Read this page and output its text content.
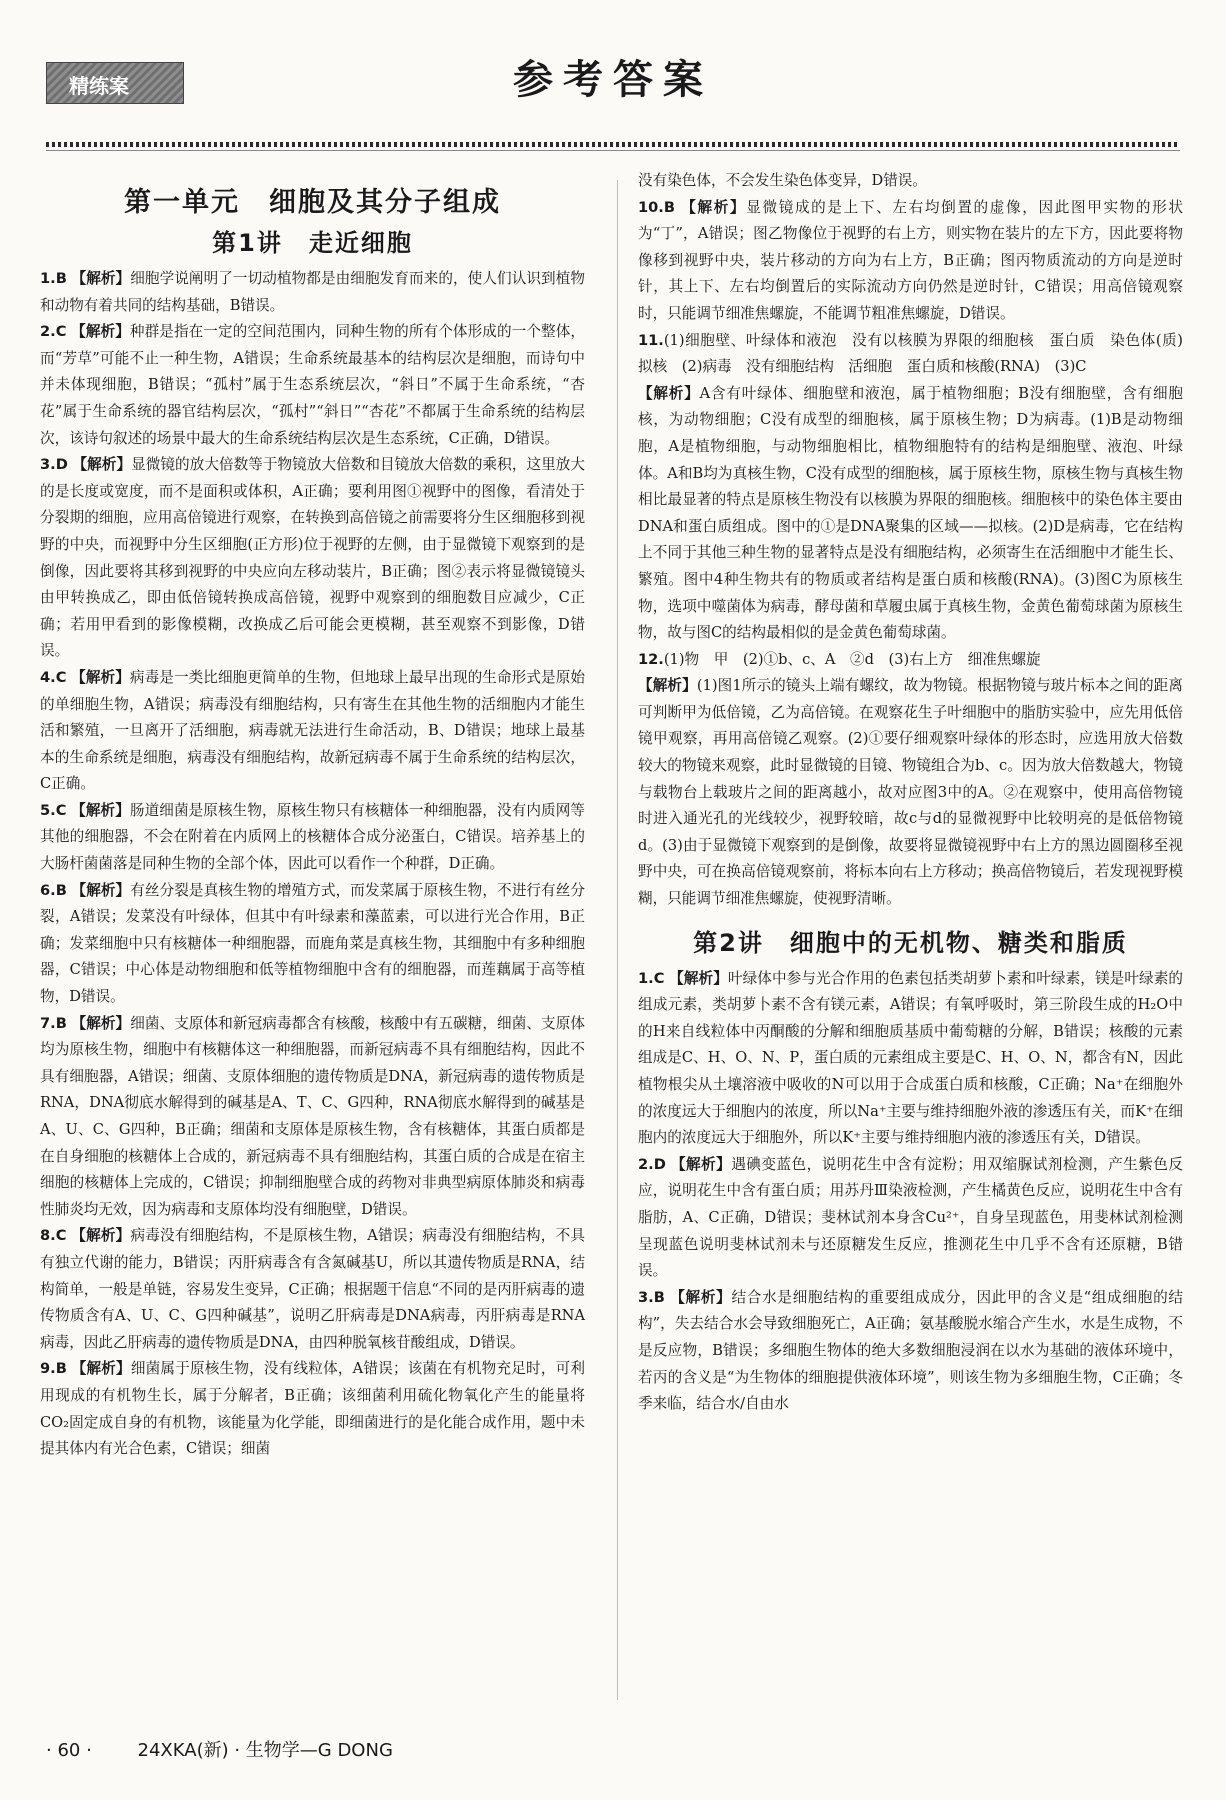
精练案	参考答案
第一单元　细胞及其分子组成
第1讲　走近细胞

1.B 【解析】细胞学说阐明了一切动植物都是由细胞发育而来的，使人们认识到植物和动物有着共同的结构基础，B错误。

2.C 【解析】种群是指在一定的空间范围内，同种生物的所有个体形成的一个整体，而“芳草”可能不止一种生物，A错误；生命系统最基本的结构层次是细胞，而诗句中并未体现细胞，B错误；“孤村”属于生态系统层次，“斜日”不属于生命系统，“杏花”属于生命系统的器官结构层次，“孤村”“斜日”“杏花”不都属于生命系统的结构层次，该诗句叙述的场景中最大的生命系统结构层次是生态系统，C正确，D错误。

3.D 【解析】显微镜的放大倍数等于物镜放大倍数和目镜放大倍数的乘积，这里放大的是长度或宽度，而不是面积或体积，A正确；要利用图①视野中的图像，看清处于分裂期的细胞，应用高倍镜进行观察，在转换到高倍镜之前需要将分生区细胞移到视野的中央，而视野中分生区细胞(正方形)位于视野的左侧，由于显微镜下观察到的是倒像，因此要将其移到视野的中央应向左移动装片，B正确；图②表示将显微镜镜头由甲转换成乙，即由低倍镜转换成高倍镜，视野中观察到的细胞数目应减少，C正确；若用甲看到的影像模糊，改换成乙后可能会更模糊，甚至观察不到影像，D错误。

4.C 【解析】病毒是一类比细胞更简单的生物，但地球上最早出现的生命形式是原始的单细胞生物，A错误；病毒没有细胞结构，只有寄生在其他生物的活细胞内才能生活和繁殖，一旦离开了活细胞，病毒就无法进行生命活动，B、D错误；地球上最基本的生命系统是细胞，病毒没有细胞结构，故新冠病毒不属于生命系统的结构层次，C正确。

5.C 【解析】肠道细菌是原核生物，原核生物只有核糖体一种细胞器，没有内质网等其他的细胞器，不会在附着在内质网上的核糖体合成分泌蛋白，C错误。培养基上的大肠杆菌菌落是同种生物的全部个体，因此可以看作一个种群，D正确。

6.B 【解析】有丝分裂是真核生物的增殖方式，而发菜属于原核生物，不进行有丝分裂，A错误；发菜没有叶绿体，但其中有叶绿素和藻蓝素，可以进行光合作用，B正确；发菜细胞中只有核糖体一种细胞器，而鹿角菜是真核生物，其细胞中有多种细胞器，C错误；中心体是动物细胞和低等植物细胞中含有的细胞器，而莲藕属于高等植物，D错误。

7.B 【解析】细菌、支原体和新冠病毒都含有核酸，核酸中有五碳糖，细菌、支原体均为原核生物，细胞中有核糖体这一种细胞器，而新冠病毒不具有细胞结构，因此不具有细胞器，A错误；细菌、支原体细胞的遗传物质是DNA，新冠病毒的遗传物质是RNA，DNA彻底水解得到的碱基是A、T、C、G四种，RNA彻底水解得到的碱基是A、U、C、G四种，B正确；细菌和支原体是原核生物，含有核糖体，其蛋白质都是在自身细胞的核糖体上合成的，新冠病毒不具有细胞结构，其蛋白质的合成是在宿主细胞的核糖体上完成的，C错误；抑制细胞壁合成的药物对非典型病原体肺炎和病毒性肺炎均无效，因为病毒和支原体均没有细胞壁，D错误。

8.C 【解析】病毒没有细胞结构，不是原核生物，A错误；病毒没有细胞结构，不具有独立代谢的能力，B错误；丙肝病毒含有含氮碱基U，所以其遗传物质是RNA，结构简单，一般是单链，容易发生变异，C正确；根据题干信息“不同的是丙肝病毒的遗传物质含有A、U、C、G四种碱基”，说明乙肝病毒是DNA病毒，丙肝病毒是RNA病毒，因此乙肝病毒的遗传物质是DNA，由四种脱氧核苷酸组成，D错误。

9.B 【解析】细菌属于原核生物，没有线粒体，A错误；该菌在有机物充足时，可利用现成的有机物生长，属于分解者，B正确；该细菌利用硫化物氧化产生的能量将CO₂固定成自身的有机物，该能量为化学能，即细菌进行的是化能合成作用，题中未提其体内有光合色素，C错误；细菌

没有染色体，不会发生染色体变异，D错误。

10.B 【解析】显微镜成的是上下、左右均倒置的虚像，因此图甲实物的形状为“丁”，A错误；图乙物像位于视野的右上方，则实物在装片的左下方，因此要将物像移到视野中央，装片移动的方向为右上方，B正确；图丙物质流动的方向是逆时针，其上下、左右均倒置后的实际流动方向仍然是逆时针，C错误；用高倍镜观察时，只能调节细准焦螺旋，不能调节粗准焦螺旋，D错误。

11.(1)细胞壁、叶绿体和液泡　没有以核膜为界限的细胞核　蛋白质　染色体(质)　拟核　(2)病毒　没有细胞结构　活细胞　蛋白质和核酸(RNA)　(3)C

【解析】A含有叶绿体、细胞壁和液泡，属于植物细胞；B没有细胞壁，含有细胞核，为动物细胞；C没有成型的细胞核，属于原核生物；D为病毒。(1)B是动物细胞，A是植物细胞，与动物细胞相比，植物细胞特有的结构是细胞壁、液泡、叶绿体。A和B均为真核生物，C没有成型的细胞核，属于原核生物，原核生物与真核生物相比最显著的特点是原核生物没有以核膜为界限的细胞核。细胞核中的染色体主要由DNA和蛋白质组成。图中的①是DNA聚集的区域——拟核。(2)D是病毒，它在结构上不同于其他三种生物的显著特点是没有细胞结构，必须寄生在活细胞中才能生长、繁殖。图中4种生物共有的物质或者结构是蛋白质和核酸(RNA)。(3)图C为原核生物，选项中噬菌体为病毒，酵母菌和草履虫属于真核生物，金黄色葡萄球菌为原核生物，故与图C的结构最相似的是金黄色葡萄球菌。

12.(1)物　甲　(2)①b、c、A　②d　(3)右上方　细准焦螺旋

【解析】(1)图1所示的镜头上端有螺纹，故为物镜。根据物镜与玻片标本之间的距离可判断甲为低倍镜，乙为高倍镜。在观察花生子叶细胞中的脂肪实验中，应先用低倍镜甲观察，再用高倍镜乙观察。(2)①要仔细观察叶绿体的形态时，应选用放大倍数较大的物镜来观察，此时显微镜的目镜、物镜组合为b、c。因为放大倍数越大，物镜与载物台上载玻片之间的距离越小，故对应图3中的A。②在观察中，使用高倍物镜时进入通光孔的光线较少，视野较暗，故c与d的显微视野中比较明亮的是低倍物镜d。(3)由于显微镜下观察到的是倒像，故要将显微镜视野中右上方的黑边圆圈移至视野中央，可在换高倍镜观察前，将标本向右上方移动；换高倍物镜后，若发现视野模糊，只能调节细准焦螺旋，使视野清晰。

第2讲　细胞中的无机物、糖类和脂质

1.C 【解析】叶绿体中参与光合作用的色素包括类胡萝卜素和叶绿素，镁是叶绿素的组成元素，类胡萝卜素不含有镁元素，A错误；有氧呼吸时，第三阶段生成的H₂O中的H来自线粒体中丙酮酸的分解和细胞质基质中葡萄糖的分解，B错误；核酸的元素组成是C、H、O、N、P，蛋白质的元素组成主要是C、H、O、N，都含有N，因此植物根尖从土壤溶液中吸收的N可以用于合成蛋白质和核酸，C正确；Na⁺在细胞外的浓度远大于细胞内的浓度，所以Na⁺主要与维持细胞外液的渗透压有关，而K⁺在细胞内的浓度远大于细胞外，所以K⁺主要与维持细胞内液的渗透压有关，D错误。

2.D 【解析】遇碘变蓝色，说明花生中含有淀粉；用双缩脲试剂检测，产生紫色反应，说明花生中含有蛋白质；用苏丹Ⅲ染液检测，产生橘黄色反应，说明花生中含有脂肪，A、C正确，D错误；斐林试剂本身含Cu²⁺，自身呈现蓝色，用斐林试剂检测呈现蓝色说明斐林试剂未与还原糖发生反应，推测花生中几乎不含有还原糖，B错误。

3.B 【解析】结合水是细胞结构的重要组成成分，因此甲的含义是“组成细胞的结构”，失去结合水会导致细胞死亡，A正确；氨基酸脱水缩合产生水，水是生成物，不是反应物，B错误；多细胞生物体的绝大多数细胞浸润在以水为基础的液体环境中，若丙的含义是“为生物体的细胞提供液体环境”，则该生物为多细胞生物，C正确；冬季来临，结合水/自由水

· 60 ·	24XKA(新) · 生物学—G DONG
